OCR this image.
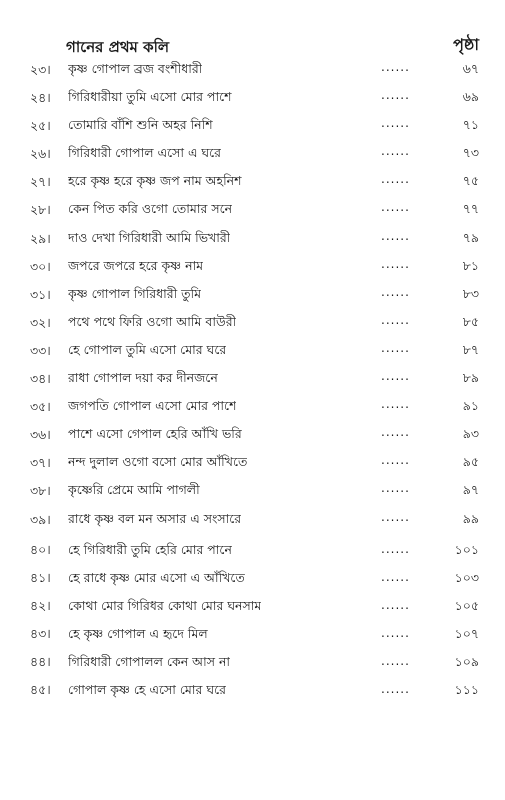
গানের প্রথম কলি	পৃষ্ঠা
২৩।	কৃষ্ণ গোপাল ব্রজ বংশীধারী	......	৬৭
২৪।	গিরিধারীয়া তুমি এসো মোর পাশে	......	৬৯
২৫।	তোমারি বাঁশি শুনি অহর নিশি	......	৭১
২৬।	গিরিধারী গোপাল এসো এ ঘরে	......	৭৩
২৭।	হরে কৃষ্ণ হরে কৃষ্ণ জপ নাম অহনিশ	......	৭৫
২৮।	কেন পিত করি ওগো তোমার সনে	......	৭৭
২৯।	দাও দেখা গিরিধারী আমি ভিখারী	......	৭৯
৩০।	জপরে জপরে হরে কৃষ্ণ নাম	......	৮১
৩১।	কৃষ্ণ গোপাল গিরিধারী তুমি	......	৮৩
৩২।	পথে পথে ফিরি ওগো আমি বাউরী	......	৮৫
৩৩।	হে গোপাল তুমি এসো মোর ঘরে	......	৮৭
৩৪।	রাধা গোপাল দয়া কর দীনজনে	......	৮৯
৩৫।	জগপতি গোপাল এসো মোর পাশে	......	৯১
৩৬।	পাশে এসো গেপাল হেরি আঁখি ভরি	......	৯৩
৩৭।	নন্দ দুলাল ওগো বসো মোর আঁখিতে	......	৯৫
৩৮।	কৃষ্ণেরি প্রেমে আমি পাগলী	......	৯৭
৩৯।	রাধে কৃষ্ণ বল মন অসার এ সংসারে	......	৯৯
৪০।	হে গিরিধারী তুমি হেরি মোর পানে	......	১০১
৪১।	হে রাধে কৃষ্ণ মোর এসো এ আঁখিতে	......	১০৩
৪২।	কোথা মোর গিরিধর কোথা মোর ঘনসাম	......	১০৫
৪৩।	হে কৃষ্ণ গোপাল এ হৃদে মিল	......	১০৭
৪৪।	গিরিধারী গোপালল কেন আস না	......	১০৯
৪৫।	গোপাল কৃষ্ণ হে এসো মোর ঘরে	......	১১১
